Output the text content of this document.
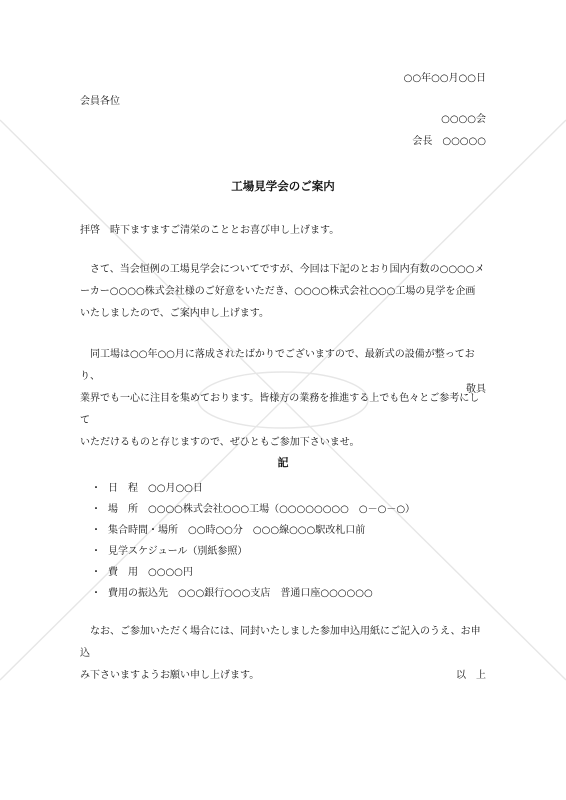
○○年○○月○○日
会員各位
○○○○会
会長　○○○○○
工場見学会のご案内
拝啓　時下ますますご清栄のこととお喜び申し上げます。

　さて、当会恒例の工場見学会についてですが、今回は下記のとおり国内有数の○○○○メ

ーカー○○○○株式会社様のご好意をいただき、○○○○株式会社○○○工場の見学を企画

いたしましたので、ご案内申し上げます。

　同工場は○○年○○月に落成されたばかりでございますので、最新式の設備が整っており、

業界でも一心に注目を集めております。皆様方の業務を推進する上でも色々とご参考にして

いただけるものと存じますので、ぜひともご参加下さいませ。

敬具
記
・ 日　程　○○月○○日
・ 場　所　○○○○株式会社○○○工場（○○○○○○○○　○－○－○）
・ 集合時間・場所　○○時○○分　○○○線○○○駅改札口前
・ 見学スケジュール（別紙参照）
・ 費　用　○○○○円
・ 費用の振込先　○○○銀行○○○支店　普通口座○○○○○○

　なお、ご参加いただく場合には、同封いたしました参加申込用紙にご記入のうえ、お申込

み下さいますようお願い申し上げます。	以　上
